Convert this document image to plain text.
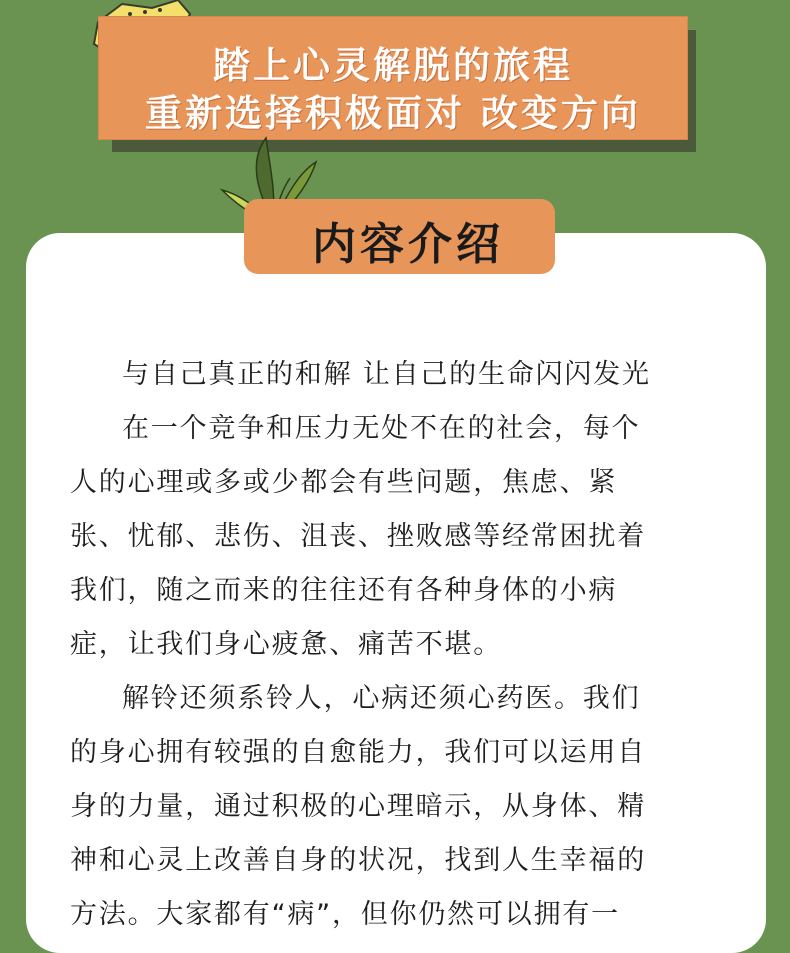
踏上心灵解脱的旅程
重新选择积极面对 改变方向
内容介绍
与自己真正的和解 让自己的生命闪闪发光
在一个竞争和压力无处不在的社会，每个
人的心理或多或少都会有些问题，焦虑、紧
张、忧郁、悲伤、沮丧、挫败感等经常困扰着
我们，随之而来的往往还有各种身体的小病
症，让我们身心疲惫、痛苦不堪。
解铃还须系铃人，心病还须心药医。我们
的身心拥有较强的自愈能力，我们可以运用自
身的力量，通过积极的心理暗示，从身体、精
神和心灵上改善自身的状况，找到人生幸福的
方法。大家都有“病”，但你仍然可以拥有一
